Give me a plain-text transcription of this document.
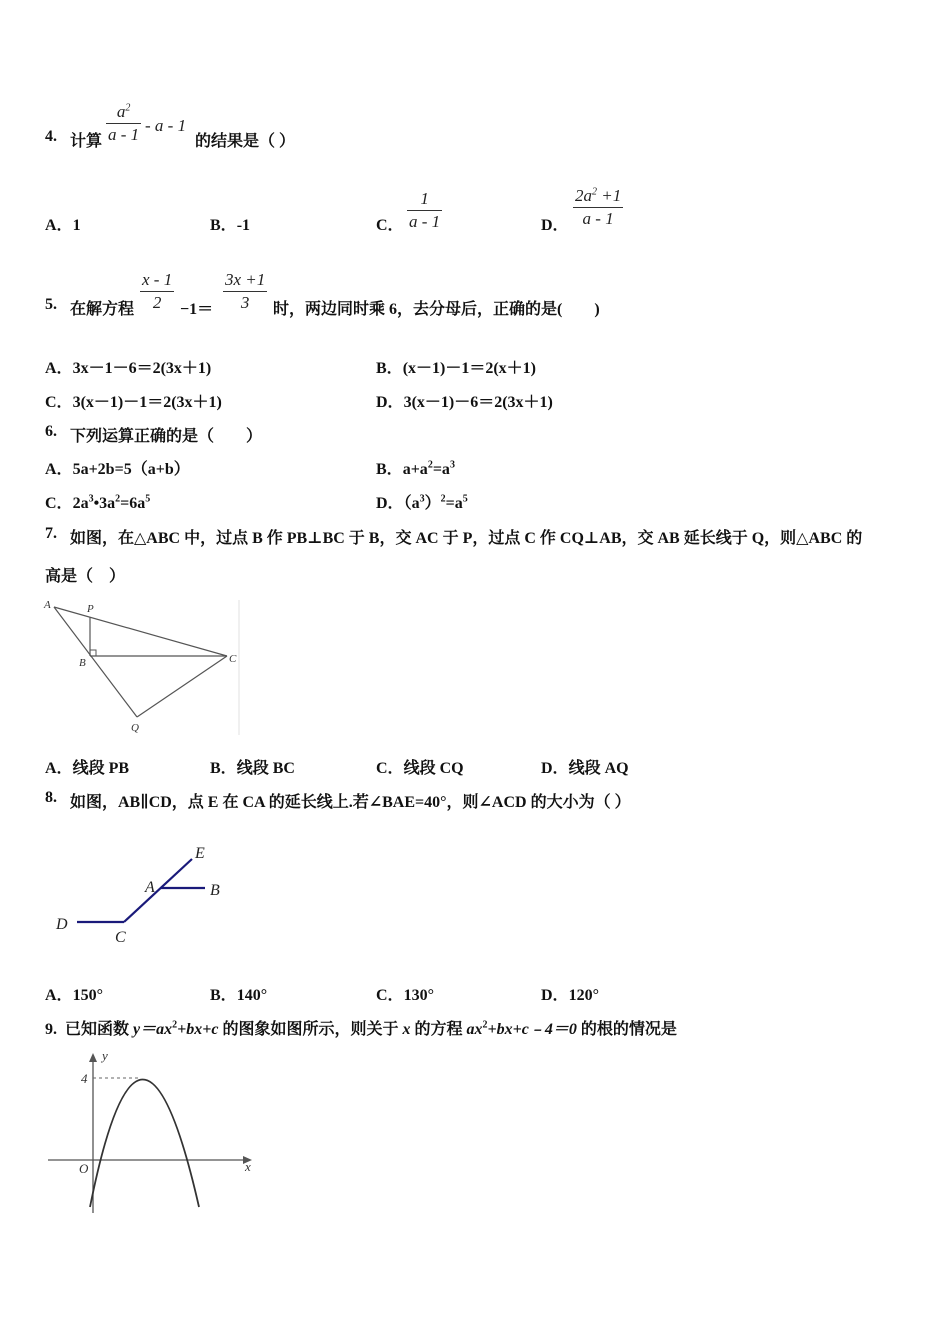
4. 计算
$a^2$
a - 1 - a - 1
的结果是（ ）
A．1	B．-1	C．
1
a - 1	D．
$2a^2 +1$
a - 1
5. 在解方程
x - 1
2	−1＝
3x +1
3	时，两边同时乘 6，去分母后，正确的是(　　)
A．3x－1－6＝2(3x＋1)	B．(x－1)－1＝2(x＋1)
C．3(x－1)－1＝2(3x＋1)	D．3(x－1)－6＝2(3x＋1)
6. 下列运算正确的是（　　）
A．5a+2b=5（a+b）	B．$a+a^2=a^3$
C．$2a^3•3a^2=6a^5$	D．$(a^3)^2=a^5$
7. 如图，在△ABC 中，过点 B 作 PB⊥BC 于 B，交 AC 于 P，过点 C 作 CQ⊥AB，交 AB 延长线于 Q，则△ABC 的
高是（　）
A	P
B	C
Q
A．线段 PB	B．线段 BC	C．线段 CQ	D．线段 AQ
8. 如图，AB∥CD，点 E 在 CA 的延长线上.若∠BAE=40°，则∠ACD 的大小为（ ）
E
A	B
D
C
A．150°	B．140°	C．130°	D．120°
9. 已知函数 $y=ax^2+bx+c$ 的图象如图所示，则关于 x 的方程 $ax^2+bx+c﹣4=0$ 的根的情况是
y
x
O
4
